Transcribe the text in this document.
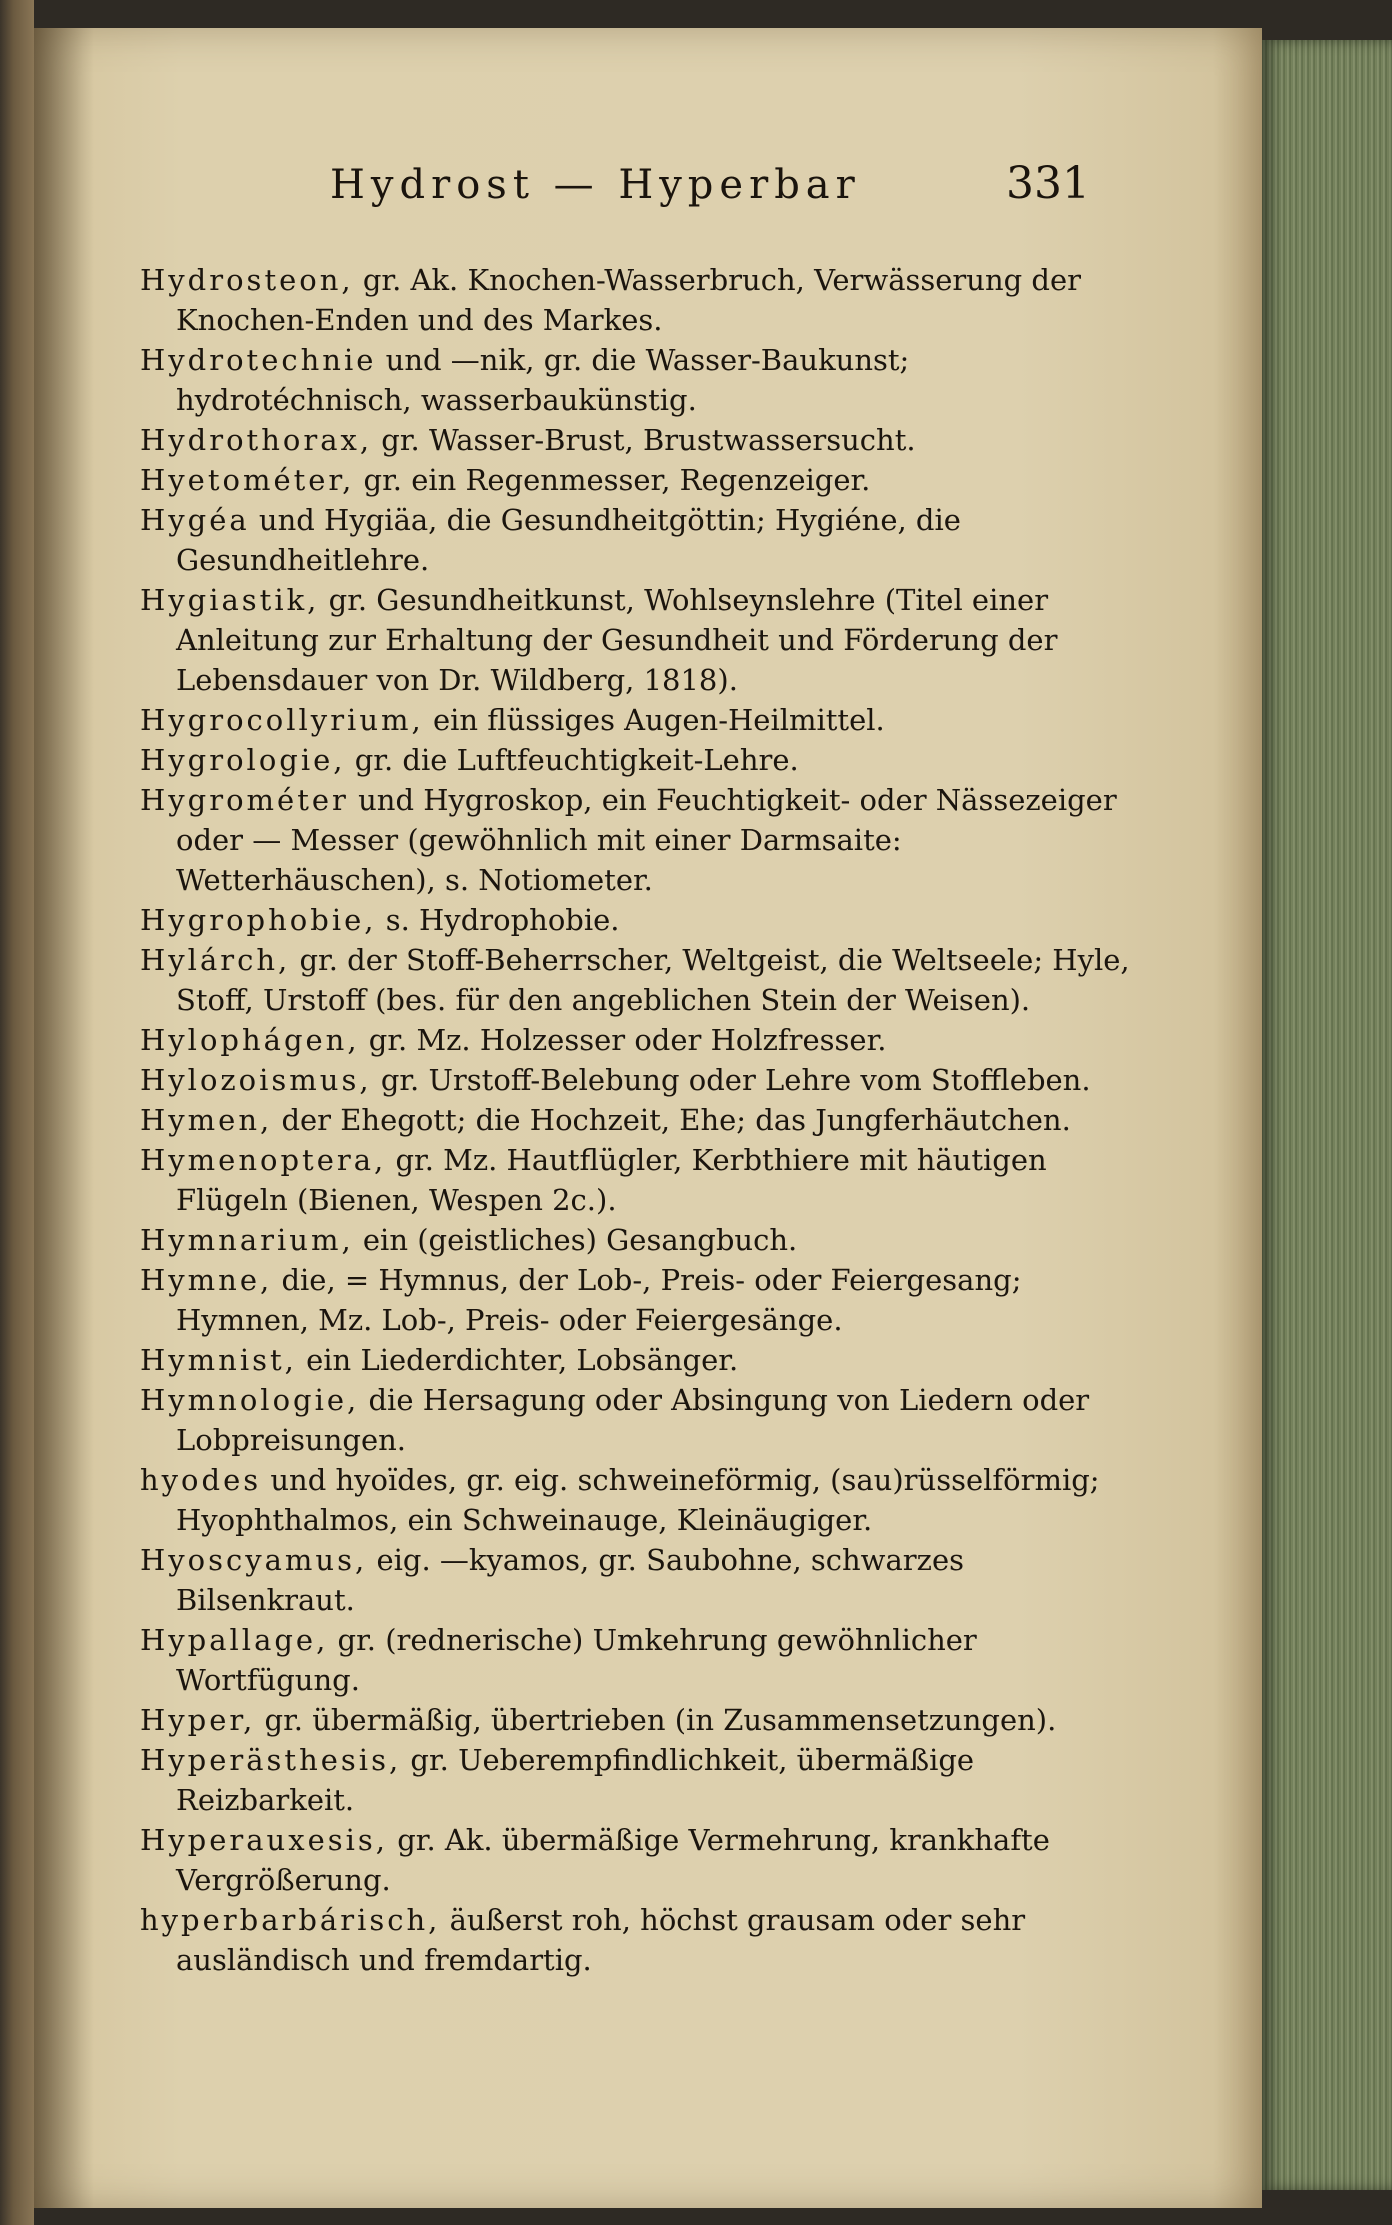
Hydrost — Hyperbar	331

Hydrosteon, gr. Ak. Knochen-Wasserbruch, Verwässerung der Knochen-Enden und des Markes.

Hydrotechnie und —nik, gr. die Wasser-Baukunst; hydrotéchnisch, wasserbaukünstig.

Hydrothorax, gr. Wasser-Brust, Brustwassersucht.

Hyetométer, gr. ein Regenmesser, Regenzeiger.

Hygéa und Hygiäa, die Gesundheitgöttin; Hygiéne, die Gesundheitlehre.

Hygiastik, gr. Gesundheitkunst, Wohlseynslehre (Titel einer Anleitung zur Erhaltung der Gesundheit und Förderung der Lebensdauer von Dr. Wildberg, 1818).

Hygrocollyrium, ein flüssiges Augen-Heilmittel.

Hygrologie, gr. die Luftfeuchtigkeit-Lehre.

Hygrométer und Hygroskop, ein Feuchtigkeit- oder Nässezeiger oder — Messer (gewöhnlich mit einer Darmsaite: Wetterhäuschen), s. Notiometer.

Hygrophobie, s. Hydrophobie.

Hylárch, gr. der Stoff-Beherrscher, Weltgeist, die Weltseele; Hyle, Stoff, Urstoff (bes. für den angeblichen Stein der Weisen).

Hylophágen, gr. Mz. Holzesser oder Holzfresser.

Hylozoismus, gr. Urstoff-Belebung oder Lehre vom Stoffleben.

Hymen, der Ehegott; die Hochzeit, Ehe; das Jungferhäutchen.

Hymenoptera, gr. Mz. Hautflügler, Kerbthiere mit häutigen Flügeln (Bienen, Wespen 2c.).

Hymnarium, ein (geistliches) Gesangbuch.

Hymne, die, = Hymnus, der Lob-, Preis- oder Feiergesang; Hymnen, Mz. Lob-, Preis- oder Feiergesänge.

Hymnist, ein Liederdichter, Lobsänger.

Hymnologie, die Hersagung oder Absingung von Liedern oder Lobpreisungen.

hyodes und hyoïdes, gr. eig. schweineförmig, (sau)rüsselförmig; Hyophthalmos, ein Schweinauge, Kleinäugiger.

Hyoscyamus, eig. —kyamos, gr. Saubohne, schwarzes Bilsenkraut.

Hypallage, gr. (rednerische) Umkehrung gewöhnlicher Wortfügung.

Hyper, gr. übermäßig, übertrieben (in Zusammensetzungen).

Hyperästhesis, gr. Ueberempfindlichkeit, übermäßige Reizbarkeit.

Hyperauxesis, gr. Ak. übermäßige Vermehrung, krankhafte Vergrößerung.

hyperbarbárisch, äußerst roh, höchst grausam oder sehr ausländisch und fremdartig.
